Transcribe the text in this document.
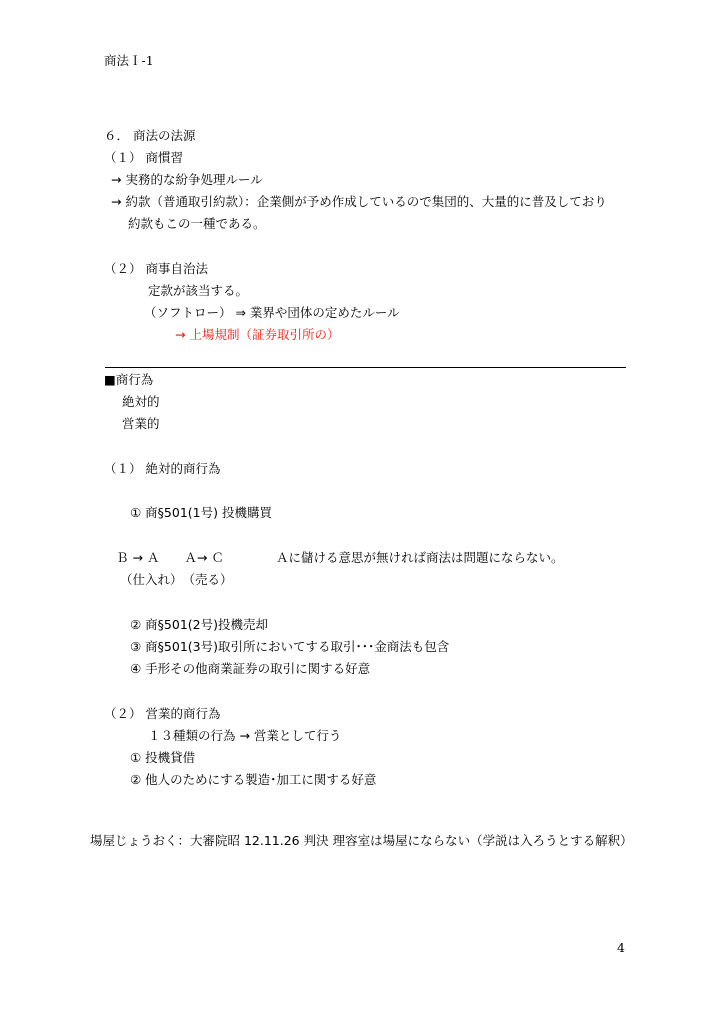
商法Ｉ-1
６． 商法の法源
（１） 商慣習
→ 実務的な紛争処理ルール
→ 約款（普通取引約款）：企業側が予め作成しているので集団的、大量的に普及しており
約款もこの一種である。
（２） 商事自治法
定款が該当する。
（ソフトロー） ⇒ 業界や団体の定めたルール
→ 上場規制（証券取引所の）
■商行為
絶対的
営業的
（１） 絶対的商行為
① 商§501(1号) 投機購買
Ｂ → Ａ　　Ａ→ Ｃ	Ａに儲ける意思が無ければ商法は問題にならない。
（仕入れ）　（売る）
② 商§501(2号)投機売却
③ 商§501(3号)取引所においてする取引･･･金商法も包含
④ 手形その他商業証券の取引に関する好意
（２） 営業的商行為
１３種類の行為 → 営業として行う
① 投機貸借
② 他人のためにする製造･加工に関する好意
場屋じょうおく：大審院昭 12.11.26 判決 理容室は場屋にならない（学説は入ろうとする解釈）
4
